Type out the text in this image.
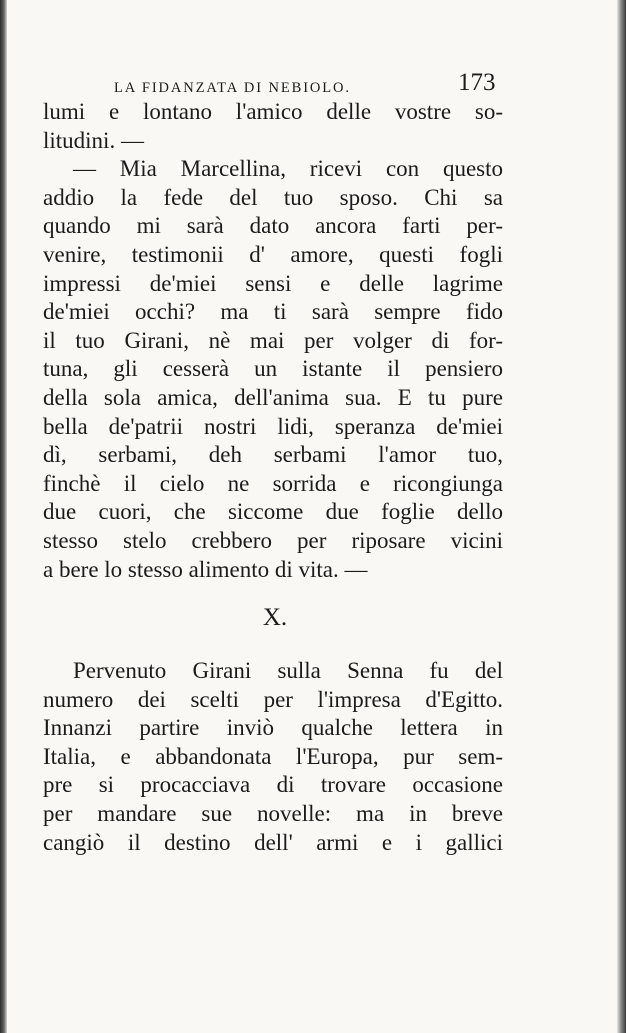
LA FIDANZATA DI NEBIOLO.	173
lumi e lontano l'amico delle vostre so-
litudini. —
— Mia Marcellina, ricevi con questo
addio la fede del tuo sposo. Chi sa
quando mi sarà dato ancora farti per-
venire, testimonii d' amore, questi fogli
impressi de'miei sensi e delle lagrime
de'miei occhi? ma ti sarà sempre fido
il tuo Girani, nè mai per volger di for-
tuna, gli cesserà un istante il pensiero
della sola amica, dell'anima sua. E tu pure
bella de'patrii nostri lidi, speranza de'miei
dì, serbami, deh serbami l'amor tuo,
finchè il cielo ne sorrida e ricongiunga
due cuori, che siccome due foglie dello
stesso stelo crebbero per riposare vicini
a bere lo stesso alimento di vita. —
X.
Pervenuto Girani sulla Senna fu del
numero dei scelti per l'impresa d'Egitto.
Innanzi partire inviò qualche lettera in
Italia, e abbandonata l'Europa, pur sem-
pre si procacciava di trovare occasione
per mandare sue novelle: ma in breve
cangiò il destino dell' armi e i gallici
